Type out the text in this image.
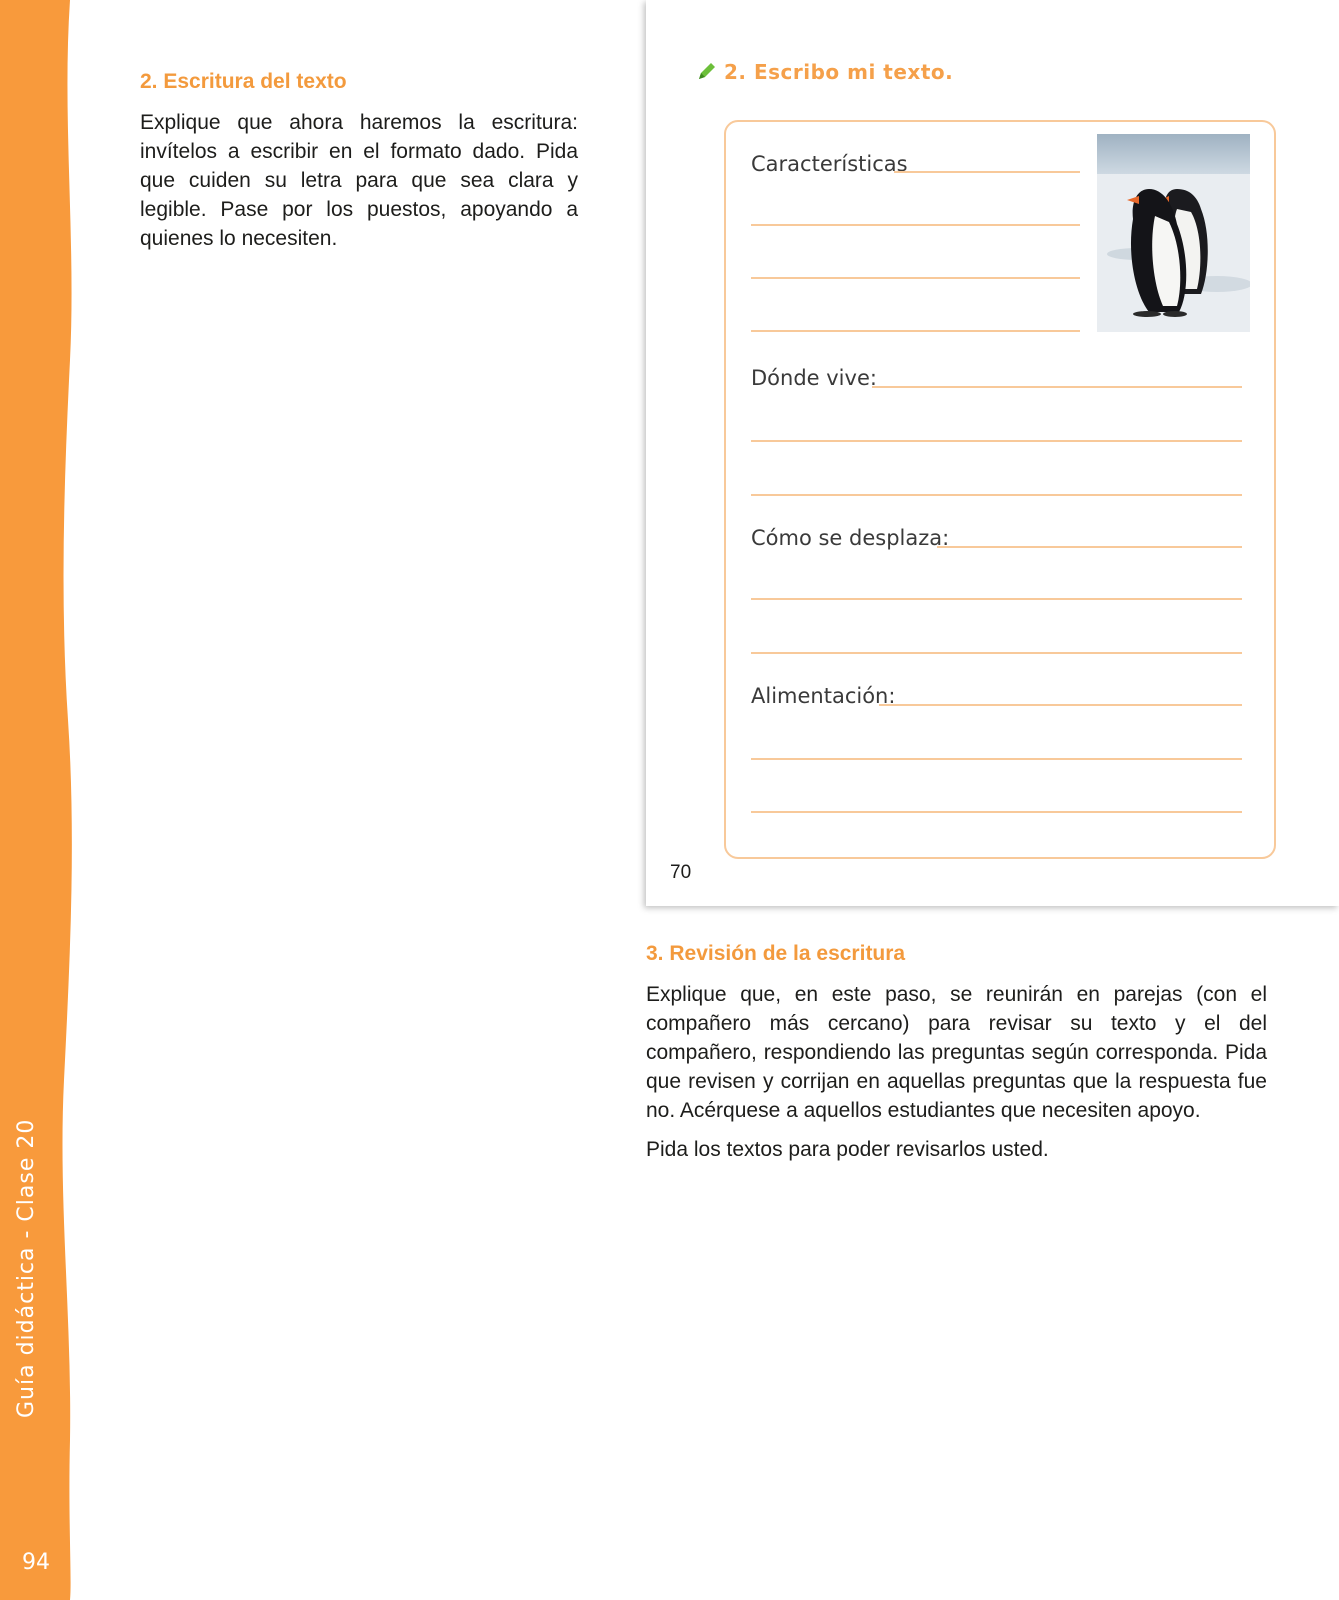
Guía didáctica - Clase 20
94
2. Escritura del texto
Explique que ahora haremos la escritura: invítelos a escribir en el formato dado. Pida que cuiden su letra para que sea clara y legible. Pase por los puestos, apoyando a quienes lo necesiten.
2. Escribo mi texto.
Características
Dónde vive:
Cómo se desplaza:
Alimentación:
70
3. Revisión de la escritura

Explique que, en este paso, se reunirán en parejas (con el compañero más cercano) para revisar su texto y el del compañero, respondiendo las preguntas según corresponda. Pida que revisen y corrijan en aquellas preguntas que la respuesta fue no. Acérquese a aquellos estudiantes que necesiten apoyo.

Pida los textos para poder revisarlos usted.
